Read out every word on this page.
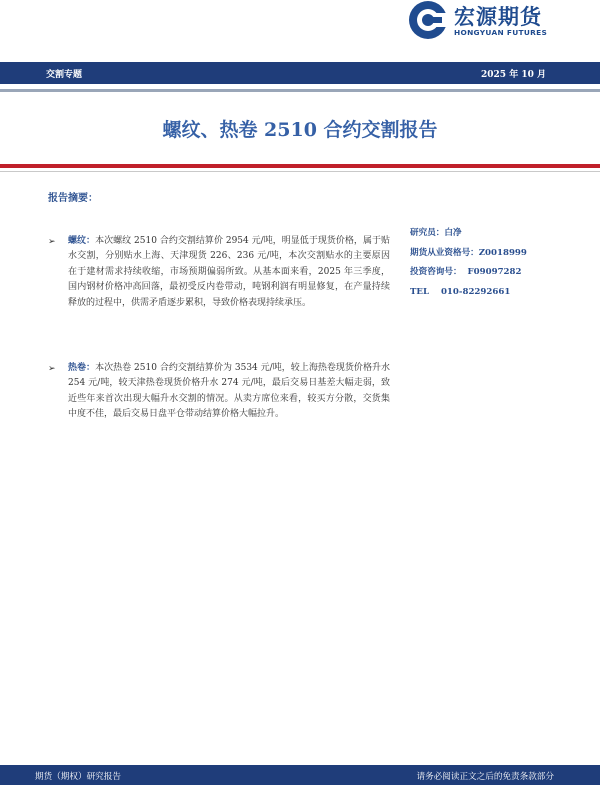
宏源期货
HONGYUAN FUTURES
交割专题	2025 年 10 月
螺纹、热卷 2510 合约交割报告
报告摘要：
➢ 螺纹：本次螺纹 2510 合约交割结算价 2954 元/吨，明显低于现货价格，属于贴水交割，分别贴水上海、天津现货 226、236 元/吨，本次交割贴水的主要原因在于建材需求持续收缩，市场预期偏弱所致。从基本面来看，2025 年三季度，国内钢材价格冲高回落，最初受反内卷带动，吨钢利润有明显修复，在产量持续释放的过程中，供需矛盾逐步累积，导致价格表现持续承压。
➢ 热卷：本次热卷 2510 合约交割结算价为 3534 元/吨，较上海热卷现货价格升水 254 元/吨，较天津热卷现货价格升水 274 元/吨，最后交易日基差大幅走弱，致近些年来首次出现大幅升水交割的情况。从卖方席位来看，较买方分散，交货集中度不佳，最后交易日盘平仓带动结算价格大幅拉升。
研究员：白净
期货从业资格号：Z0018999
投资咨询号：  F09097282
TEL    010-82292661
期货（期权）研究报告	请务必阅读正文之后的免责条款部分
